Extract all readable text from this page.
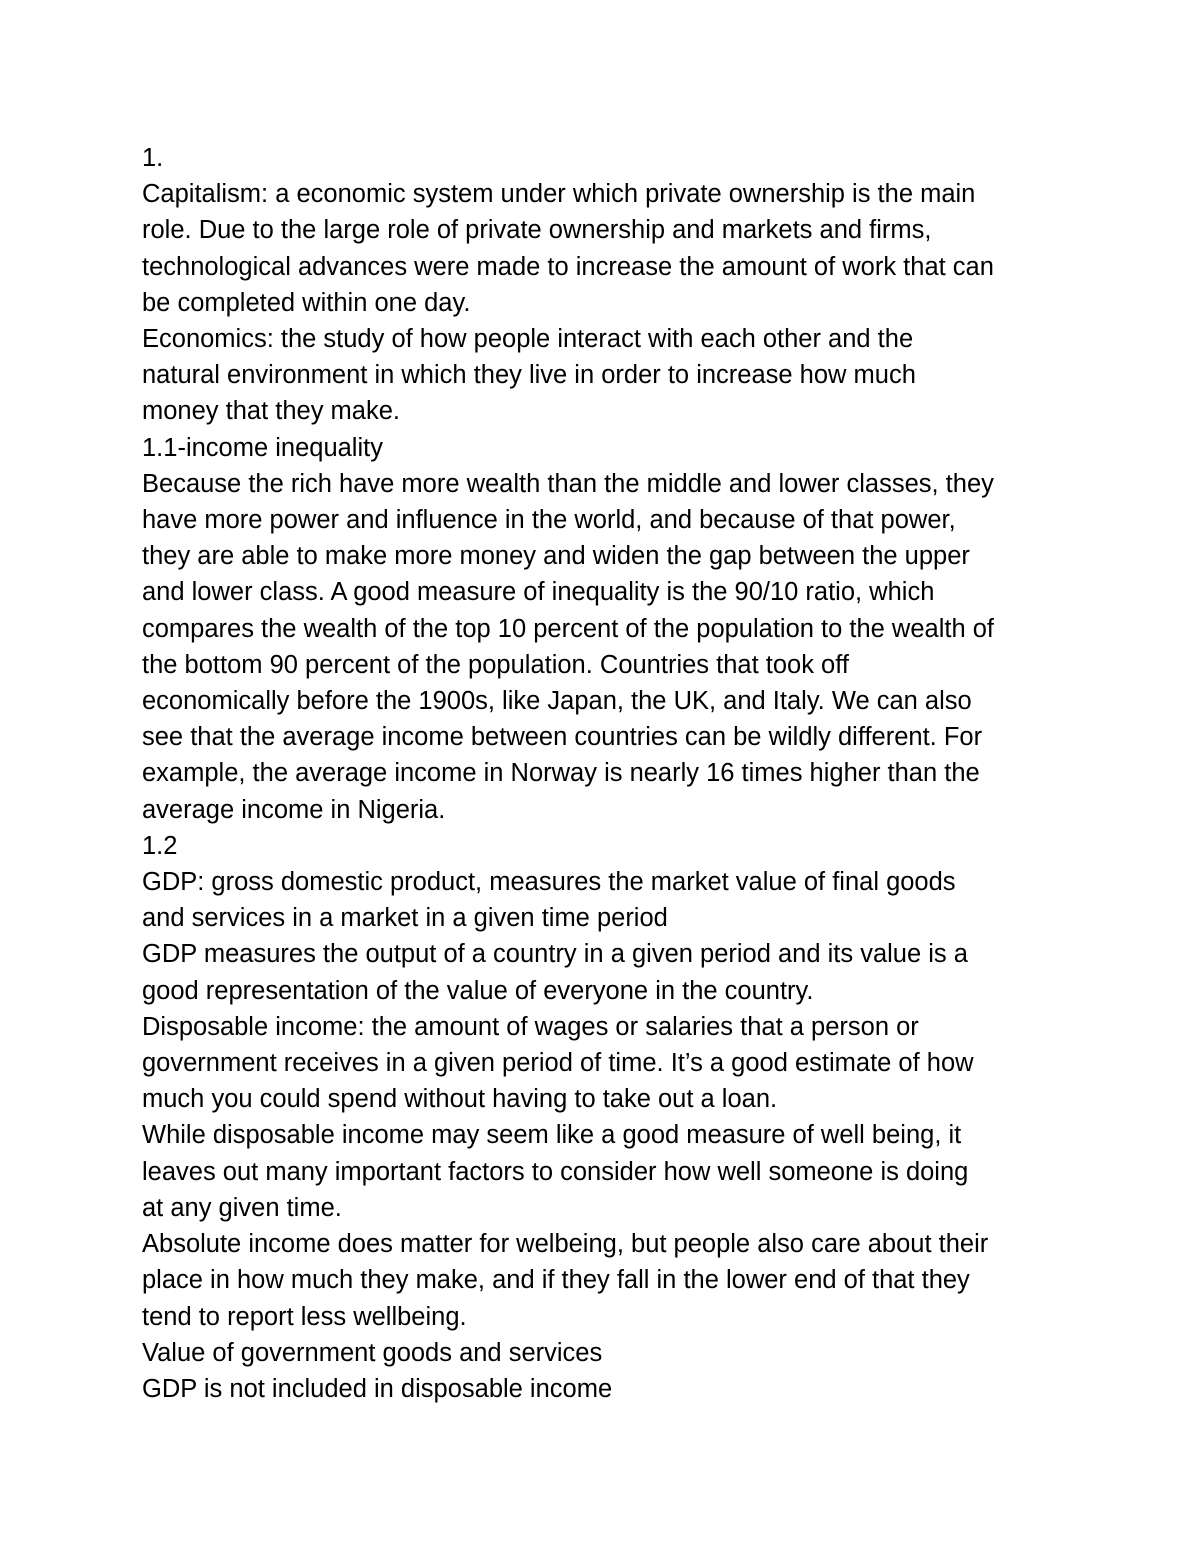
1.

Capitalism: a economic system under which private ownership is the main
role. Due to the large role of private ownership and markets and firms,
technological advances were made to increase the amount of work that can
be completed within one day.

Economics: the study of how people interact with each other and the
natural environment in which they live in order to increase how much
money that they make.

1.1-income inequality

Because the rich have more wealth than the middle and lower classes, they
have more power and influence in the world, and because of that power,
they are able to make more money and widen the gap between the upper
and lower class. A good measure of inequality is the 90/10 ratio, which
compares the wealth of the top 10 percent of the population to the wealth of
the bottom 90 percent of the population. Countries that took off
economically before the 1900s, like Japan, the UK, and Italy. We can also
see that the average income between countries can be wildly different. For
example, the average income in Norway is nearly 16 times higher than the
average income in Nigeria.

1.2

GDP: gross domestic product, measures the market value of final goods
and services in a market in a given time period

GDP measures the output of a country in a given period and its value is a
good representation of the value of everyone in the country.

Disposable income: the amount of wages or salaries that a person or
government receives in a given period of time. It’s a good estimate of how
much you could spend without having to take out a loan.

While disposable income may seem like a good measure of well being, it
leaves out many important factors to consider how well someone is doing
at any given time.

Absolute income does matter for welbeing, but people also care about their
place in how much they make, and if they fall in the lower end of that they
tend to report less wellbeing.

Value of government goods and services

GDP is not included in disposable income
